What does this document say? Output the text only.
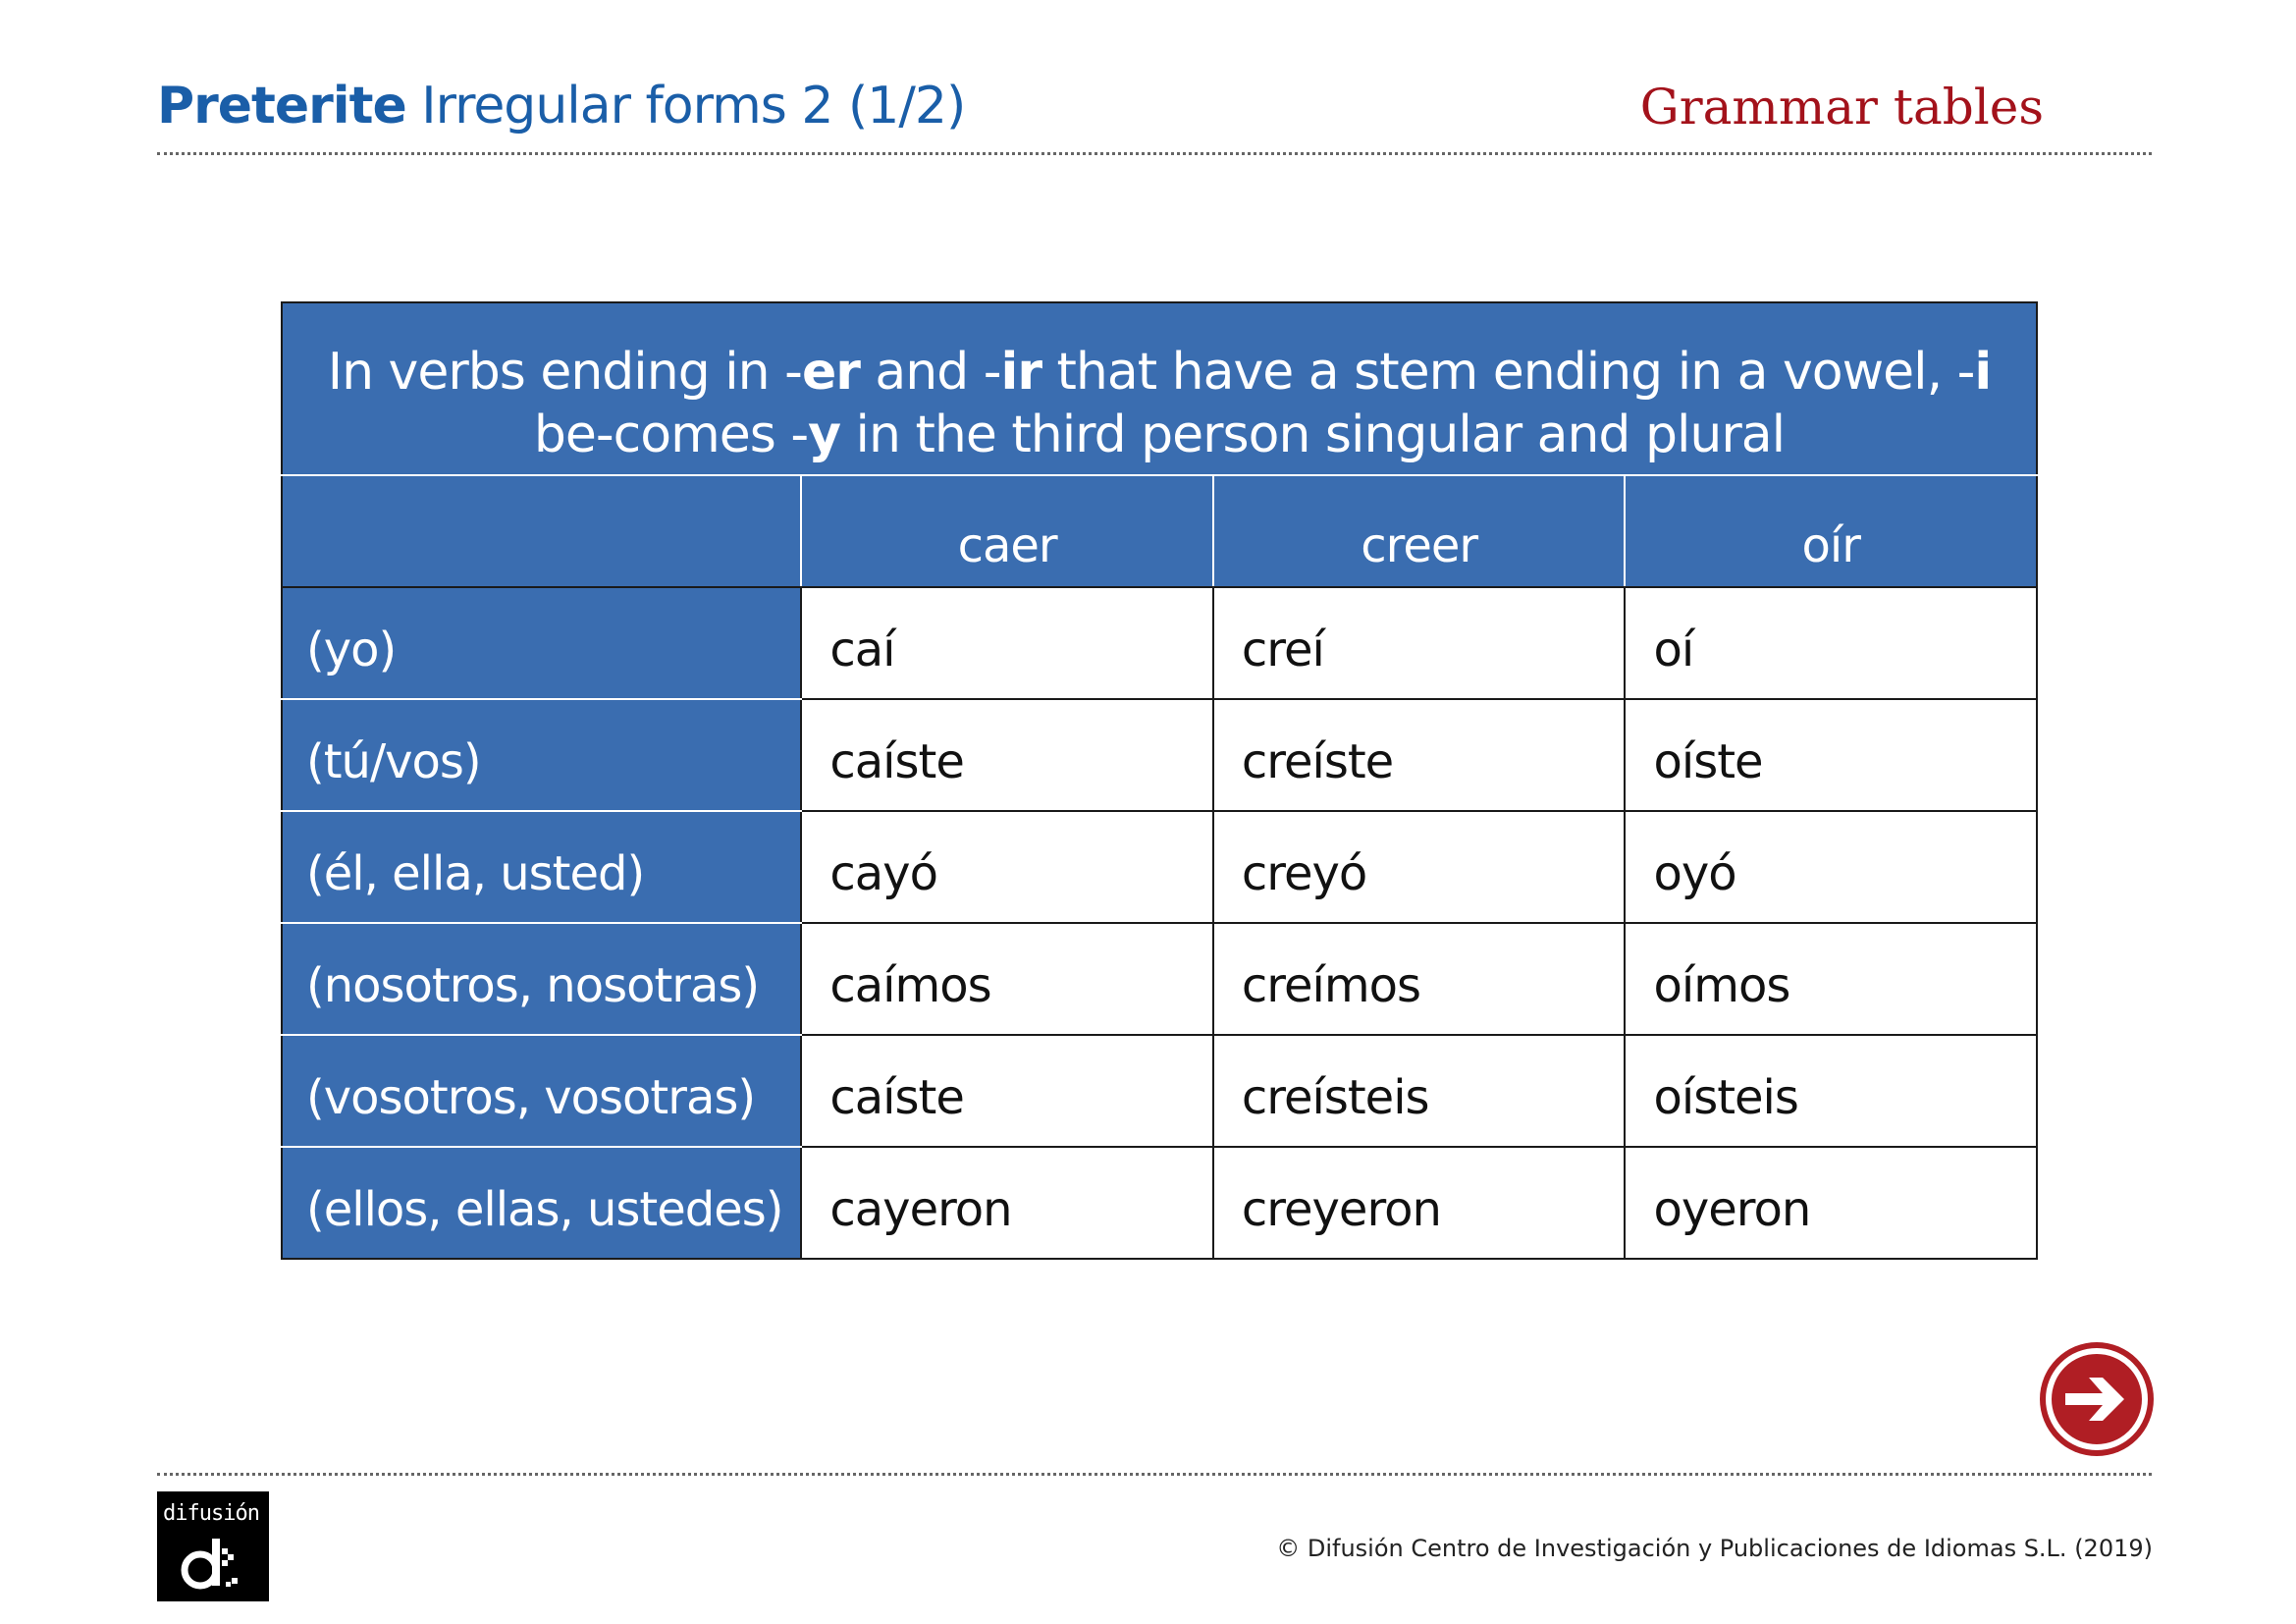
Preterite Irregular forms 2 (1/2)	Grammar tables
In verbs ending in -er and -ir that have a stem ending in a vowel, -i be-comes -y in the third person singular and plural			
	caer	creer	oír
(yo)	caí	creí	oí
(tú/vos)	caíste	creíste	oíste
(él, ella, usted)	cayó	creyó	oyó
(nosotros, nosotras)	caímos	creímos	oímos
(vosotros, vosotras)	caíste	creísteis	oísteis
(ellos, ellas, ustedes)	cayeron	creyeron	oyeron
difusión
© Difusión Centro de Investigación y Publicaciones de Idiomas S.L. (2019)
